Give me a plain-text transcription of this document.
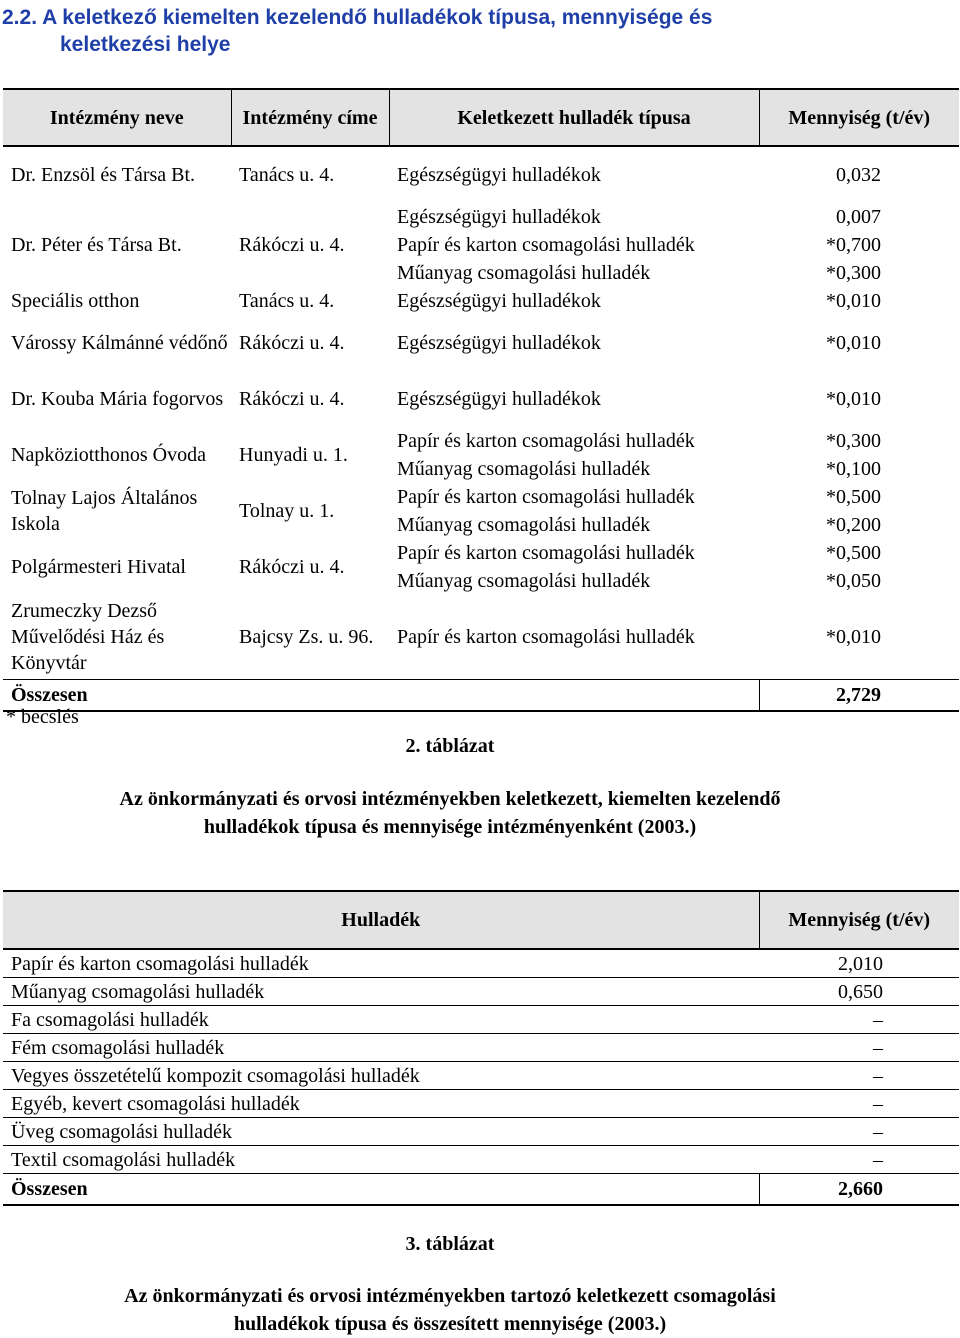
2.2. A keletkező kiemelten kezelendő hulladékok típusa, mennyisége és
keletkezési helye
Intézmény neve	Intézmény címe	Keletkezett hulladék típusa	Mennyiség (t/év)
Dr. Enzsöl és Társa Bt.	Tanács u. 4.	Egészségügyi hulladékok	0,032
Dr. Péter és Társa Bt.	Rákóczi u. 4.	Egészségügyi hulladékok	0,007
		Papír és karton csomagolási hulladék	*0,700
		Műanyag csomagolási hulladék	*0,300
Speciális otthon	Tanács u. 4.	Egészségügyi hulladékok	*0,010
Várossy Kálmánné védőnő	Rákóczi u. 4.	Egészségügyi hulladékok	*0,010
Dr. Kouba Mária fogorvos	Rákóczi u. 4.	Egészségügyi hulladékok	*0,010
Napköziotthonos Óvoda	Hunyadi u. 1.	Papír és karton csomagolási hulladék	*0,300
		Műanyag csomagolási hulladék	*0,100
Tolnay Lajos Általános Iskola	Tolnay u. 1.	Papír és karton csomagolási hulladék	*0,500
		Műanyag csomagolási hulladék	*0,200
Polgármesteri Hivatal	Rákóczi u. 4.	Papír és karton csomagolási hulladék	*0,500
		Műanyag csomagolási hulladék	*0,050
Zrumeczky Dezső Művelődési Ház és Könyvtár	Bajcsy Zs. u. 96.	Papír és karton csomagolási hulladék	*0,010
Összesen			2,729
* becslés
2. táblázat
Az önkormányzati és orvosi intézményekben keletkezett, kiemelten kezelendő
hulladékok típusa és mennyisége intézményenként (2003.)
Hulladék	Mennyiség (t/év)
Papír és karton csomagolási hulladék	2,010
Műanyag csomagolási hulladék	0,650
Fa csomagolási hulladék	–
Fém csomagolási hulladék	–
Vegyes összetételű kompozit csomagolási hulladék	–
Egyéb, kevert csomagolási hulladék	–
Üveg csomagolási hulladék	–
Textil csomagolási hulladék	–
Összesen	2,660
3. táblázat
Az önkormányzati és orvosi intézményekben tartozó keletkezett csomagolási
hulladékok típusa és összesített mennyisége (2003.)
